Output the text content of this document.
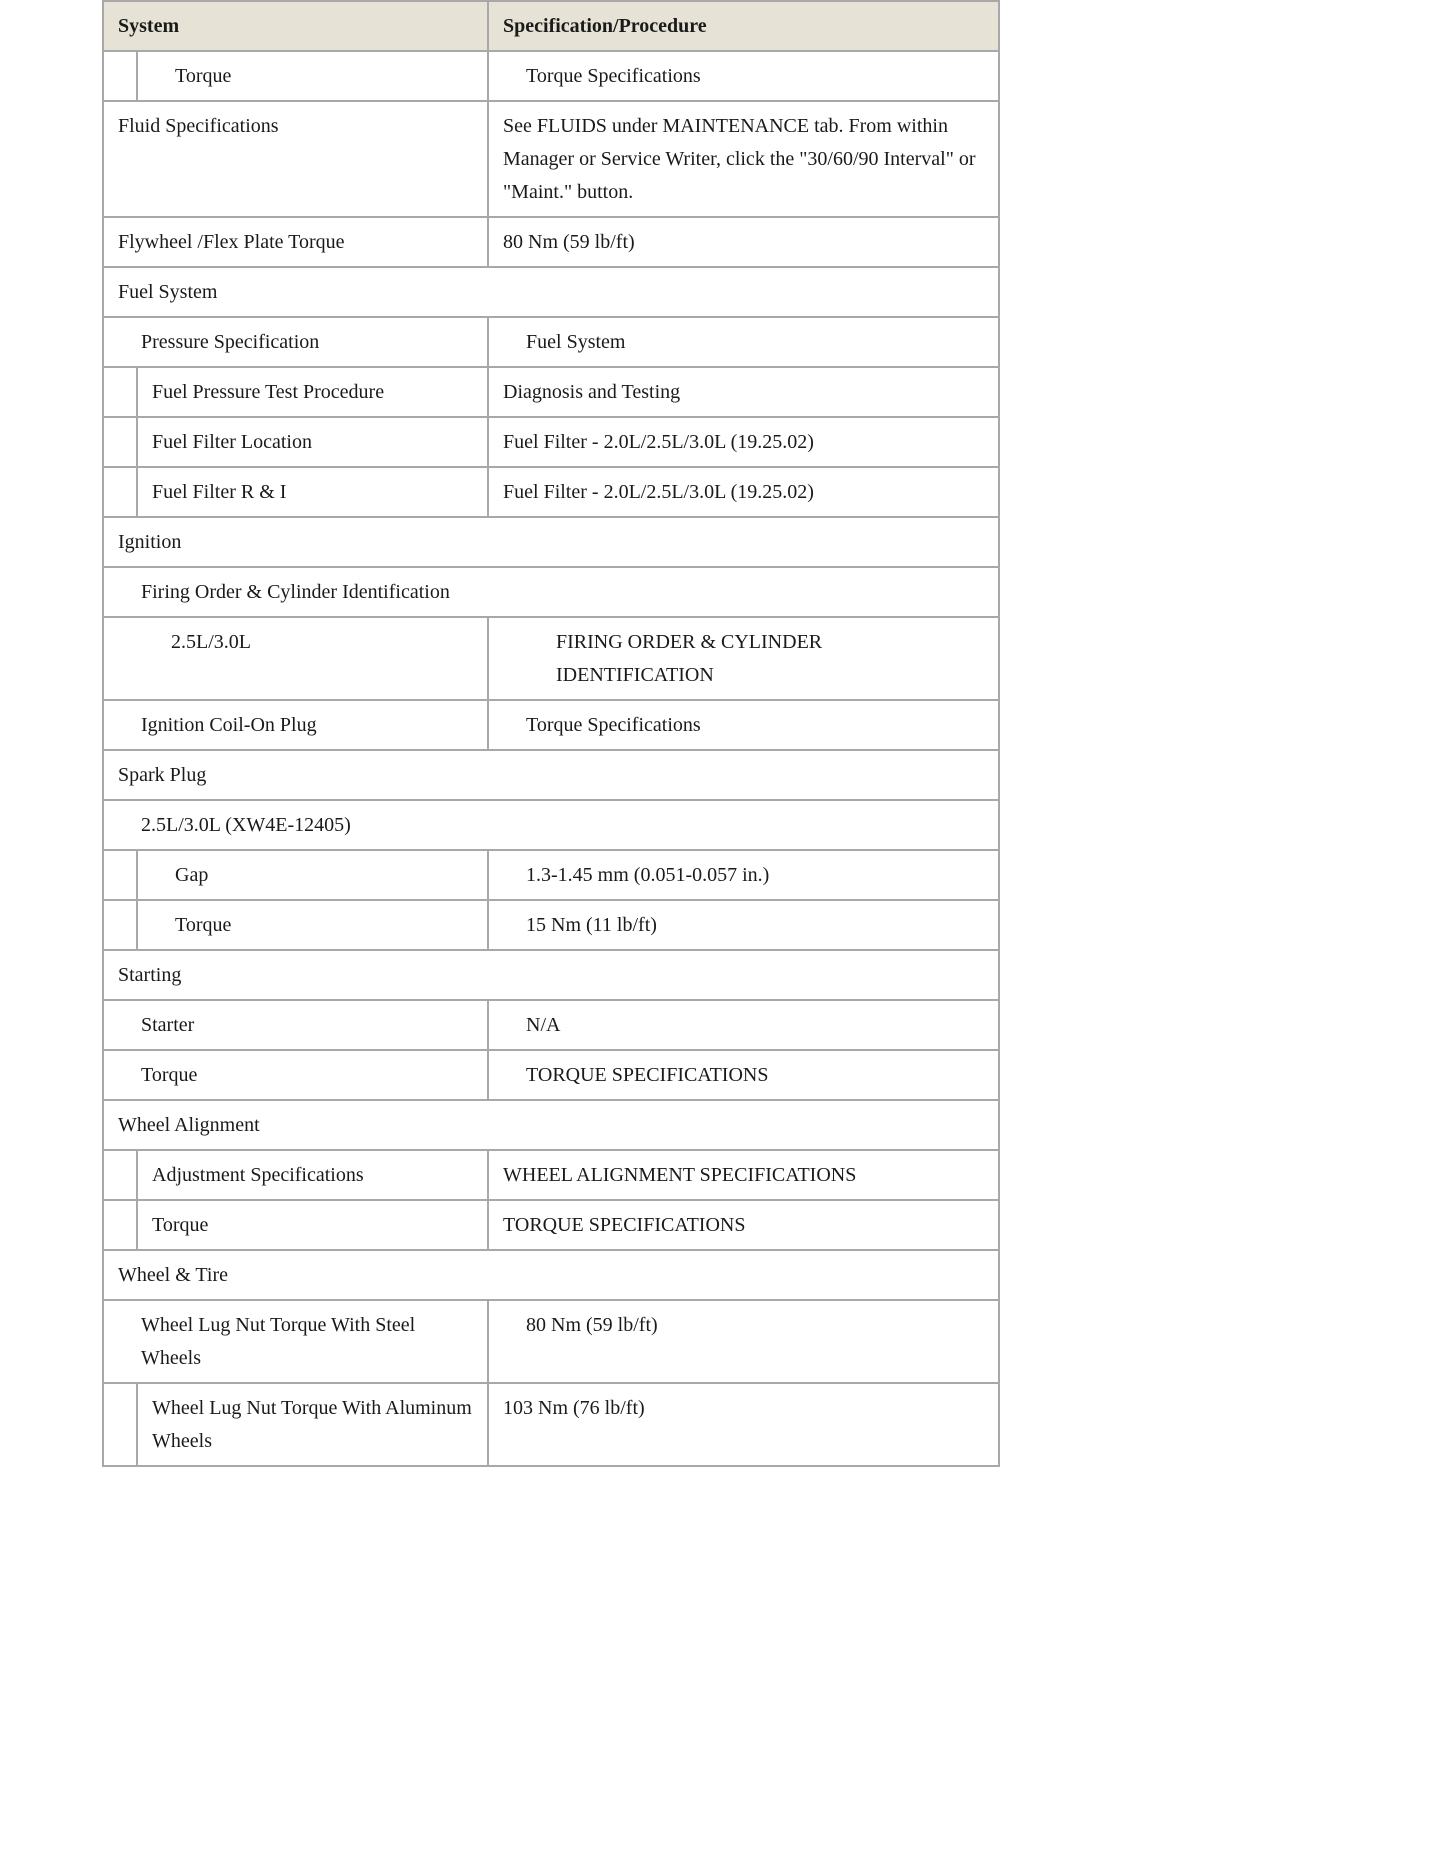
System		Specification/Procedure

	Torque	Torque Specifications

Fluid Specifications		See FLUIDS under MAINTENANCE tab. From within Manager or Service Writer, click the "30/60/90 Interval" or "Maint." button.

Flywheel /Flex Plate Torque		80 Nm (59 lb/ft)

Fuel System		

Pressure Specification		Fuel System

	Fuel Pressure Test Procedure	Diagnosis and Testing

	Fuel Filter Location	Fuel Filter - 2.0L/2.5L/3.0L (19.25.02)

	Fuel Filter R & I	Fuel Filter - 2.0L/2.5L/3.0L (19.25.02)

Ignition		

Firing Order & Cylinder Identification		

2.5L/3.0L		FIRING ORDER & CYLINDER IDENTIFICATION

Ignition Coil-On Plug		Torque Specifications

Spark Plug		

2.5L/3.0L (XW4E-12405)		

	Gap	1.3-1.45 mm (0.051-0.057 in.)

	Torque	15 Nm (11 lb/ft)

Starting		

Starter		N/A

Torque		TORQUE SPECIFICATIONS

Wheel Alignment		

	Adjustment Specifications	WHEEL ALIGNMENT SPECIFICATIONS

	Torque	TORQUE SPECIFICATIONS

Wheel & Tire		

Wheel Lug Nut Torque With Steel Wheels		80 Nm (59 lb/ft)

	Wheel Lug Nut Torque With Aluminum Wheels	103 Nm (76 lb/ft)
